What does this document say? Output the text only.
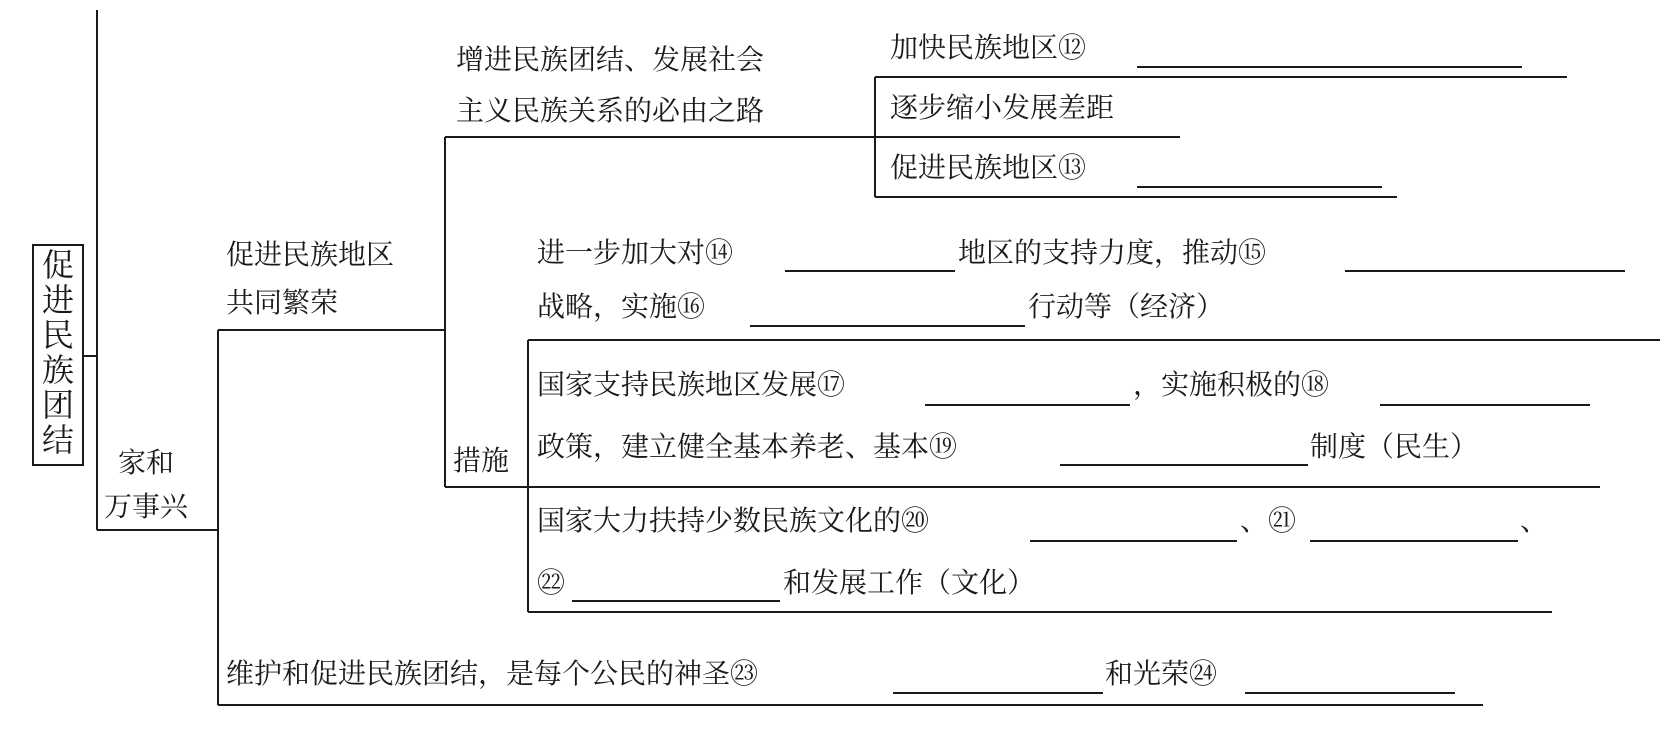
促进民族团结
家和
万事兴
促进民族地区
共同繁荣
增进民族团结、发展社会
主义民族关系的必由之路
加快民族地区⑫
逐步缩小发展差距
促进民族地区⑬
措施
进一步加大对⑭	地区的支持力度，推动⑮
战略，实施⑯	行动等（经济）
国家支持民族地区发展⑰	，实施积极的⑱
政策，建立健全基本养老、基本⑲	制度（民生）
国家大力扶持少数民族文化的⑳	、㉑	、
㉒	和发展工作（文化）
维护和促进民族团结，是每个公民的神圣㉓	和光荣㉔
